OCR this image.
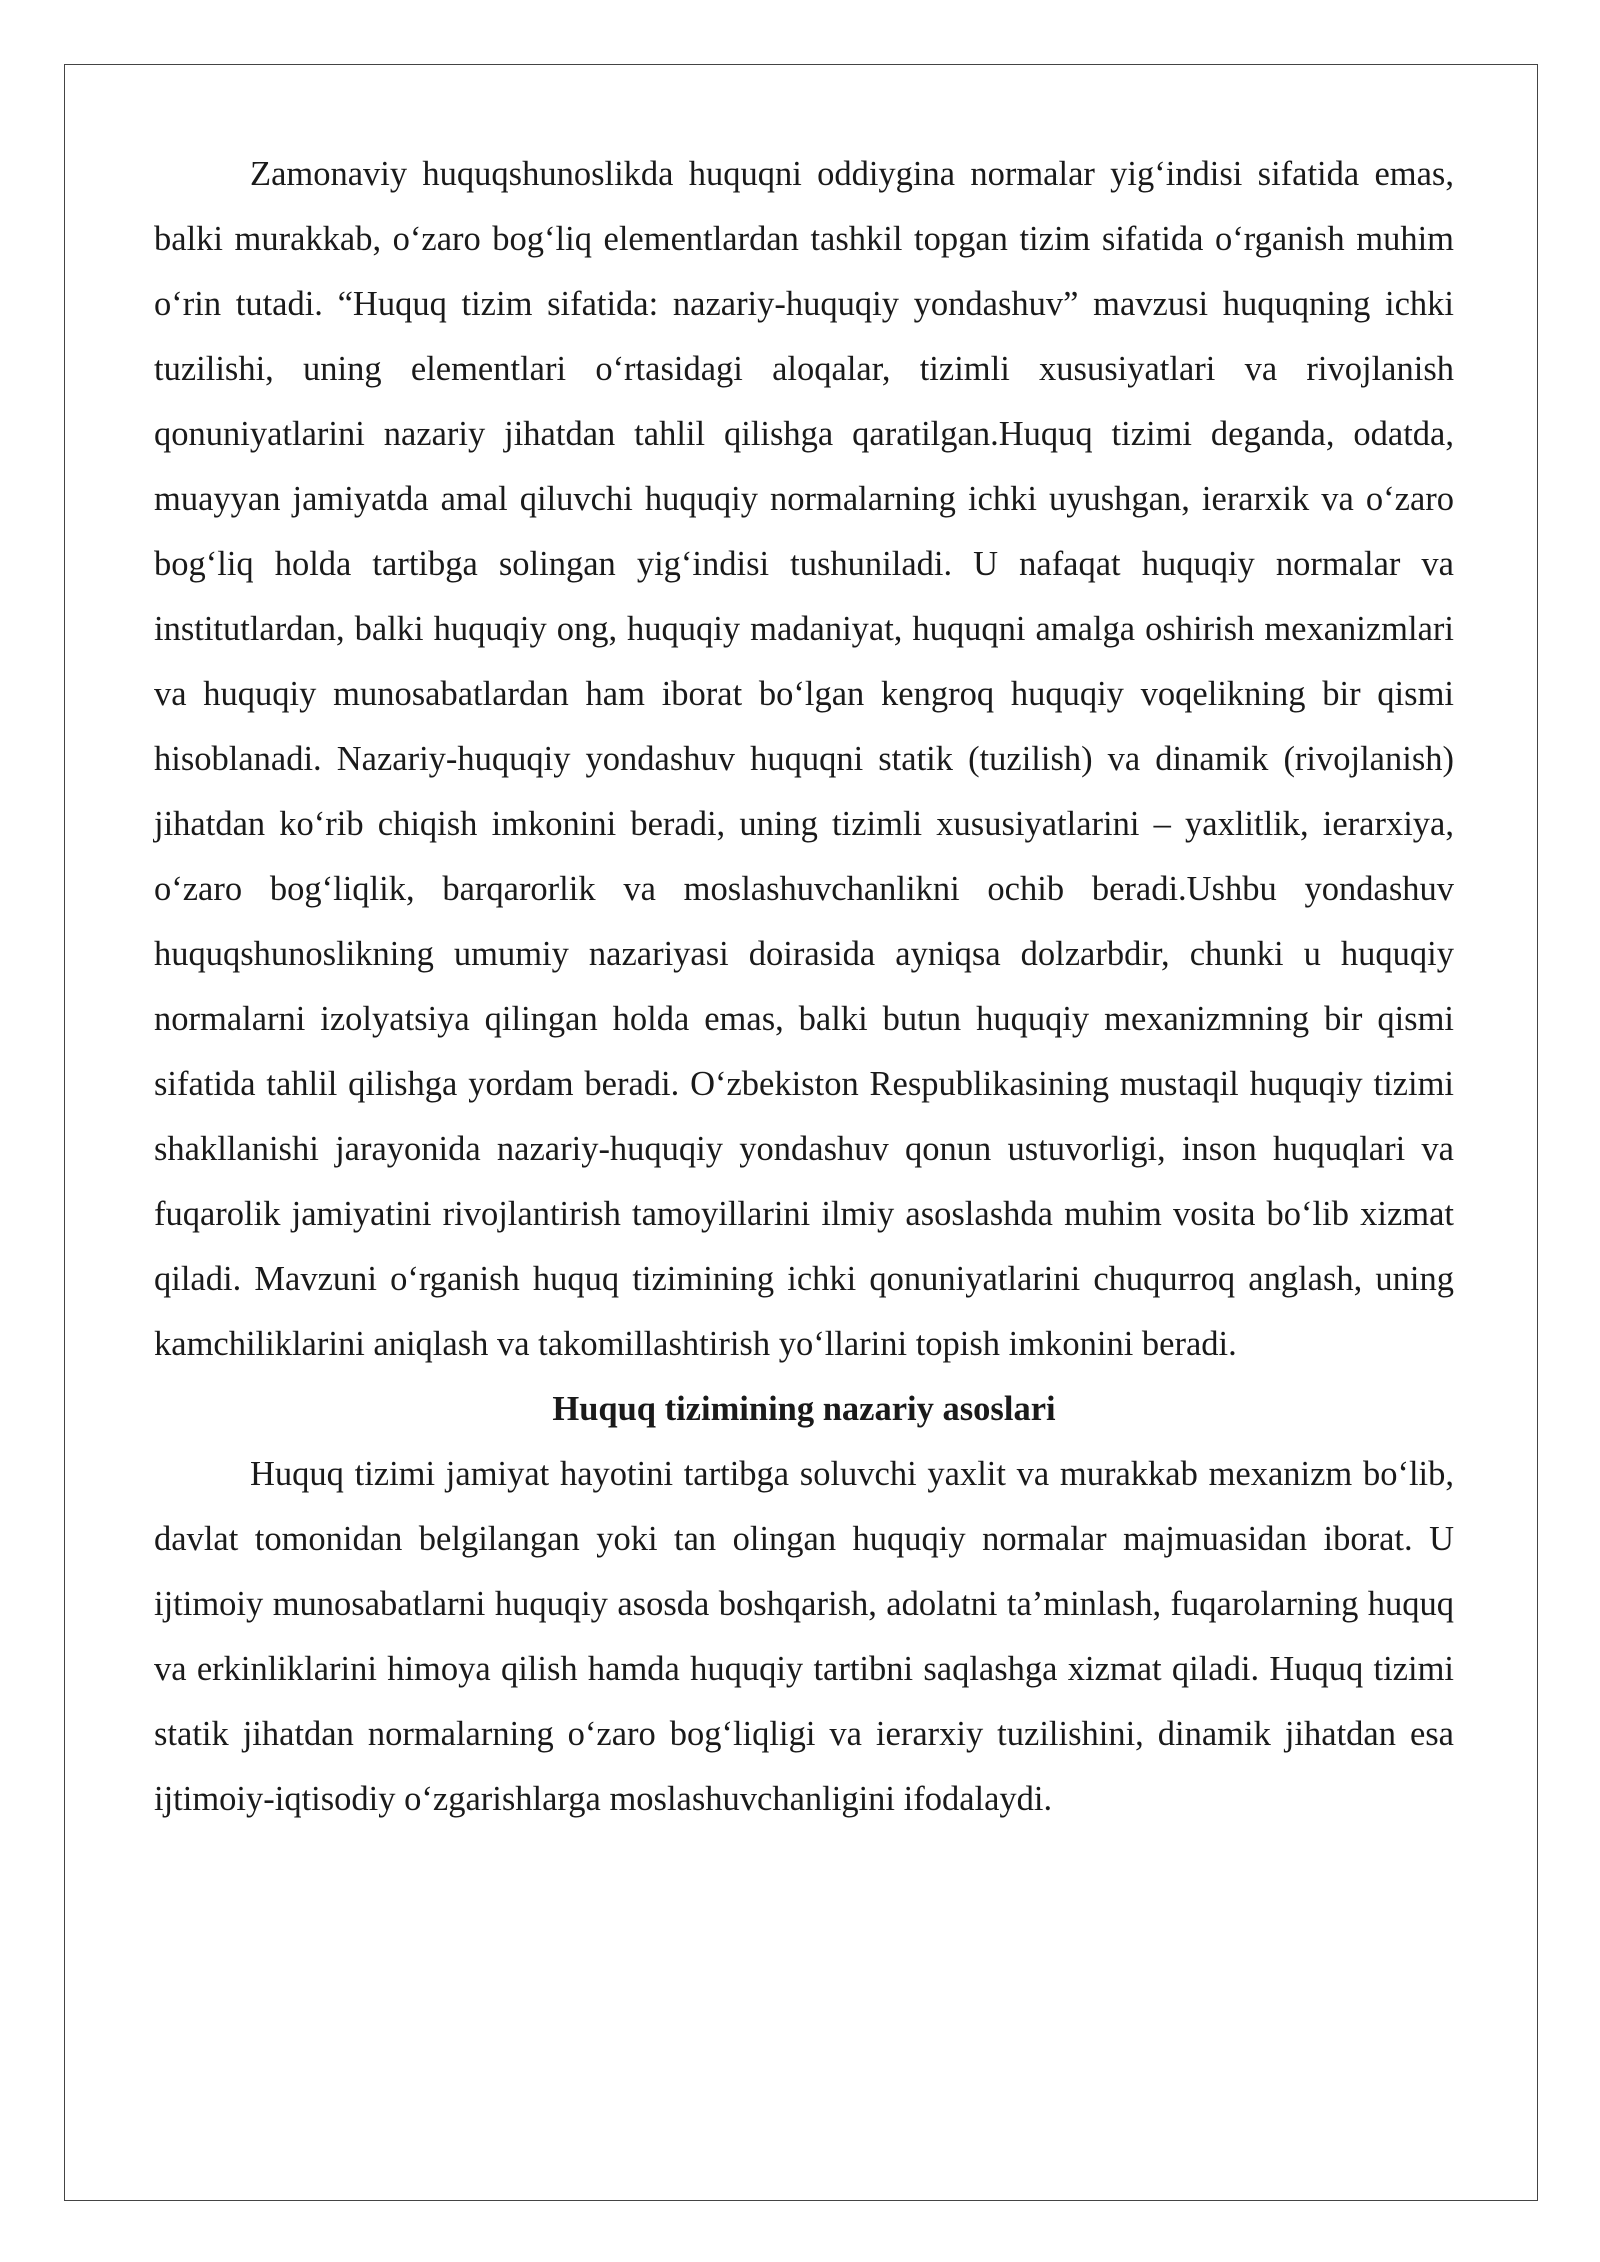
Zamonaviy huquqshunoslikda huquqni oddiygina normalar yig‘indisi sifatida emas, balki murakkab, o‘zaro bog‘liq elementlardan tashkil topgan tizim sifatida o‘rganish muhim o‘rin tutadi. “Huquq tizim sifatida: nazariy-huquqiy yondashuv” mavzusi huquqning ichki tuzilishi, uning elementlari o‘rtasidagi aloqalar, tizimli xususiyatlari va rivojlanish qonuniyatlarini nazariy jihatdan tahlil qilishga qaratilgan.Huquq tizimi deganda, odatda, muayyan jamiyatda amal qiluvchi huquqiy normalarning ichki uyushgan, ierarxik va o‘zaro bog‘liq holda tartibga solingan yig‘indisi tushuniladi. U nafaqat huquqiy normalar va institutlardan, balki huquqiy ong, huquqiy madaniyat, huquqni amalga oshirish mexanizmlari va huquqiy munosabatlardan ham iborat bo‘lgan kengroq huquqiy voqelikning bir qismi hisoblanadi. Nazariy-huquqiy yondashuv huquqni statik (tuzilish) va dinamik (rivojlanish) jihatdan ko‘rib chiqish imkonini beradi, uning tizimli xususiyatlarini – yaxlitlik, ierarxiya, o‘zaro bog‘liqlik, barqarorlik va moslashuvchanlikni ochib beradi.Ushbu yondashuv huquqshunoslikning umumiy nazariyasi doirasida ayniqsa dolzarbdir, chunki u huquqiy normalarni izolyatsiya qilingan holda emas, balki butun huquqiy mexanizmning bir qismi sifatida tahlil qilishga yordam beradi. O‘zbekiston Respublikasining mustaqil huquqiy tizimi shakllanishi jarayonida nazariy-huquqiy yondashuv qonun ustuvorligi, inson huquqlari va fuqarolik jamiyatini rivojlantirish tamoyillarini ilmiy asoslashda muhim vosita bo‘lib xizmat qiladi. Mavzuni o‘rganish huquq tizimining ichki qonuniyatlarini chuqurroq anglash, uning kamchiliklarini aniqlash va takomillashtirish yo‘llarini topish imkonini beradi.

Huquq tizimining nazariy asoslari

Huquq tizimi jamiyat hayotini tartibga soluvchi yaxlit va murakkab mexanizm bo‘lib, davlat tomonidan belgilangan yoki tan olingan huquqiy normalar majmuasidan iborat. U ijtimoiy munosabatlarni huquqiy asosda boshqarish, adolatni ta’minlash, fuqarolarning huquq va erkinliklarini himoya qilish hamda huquqiy tartibni saqlashga xizmat qiladi. Huquq tizimi statik jihatdan normalarning o‘zaro bog‘liqligi va ierarxiy tuzilishini, dinamik jihatdan esa ijtimoiy-iqtisodiy o‘zgarishlarga moslashuvchanligini ifodalaydi.
